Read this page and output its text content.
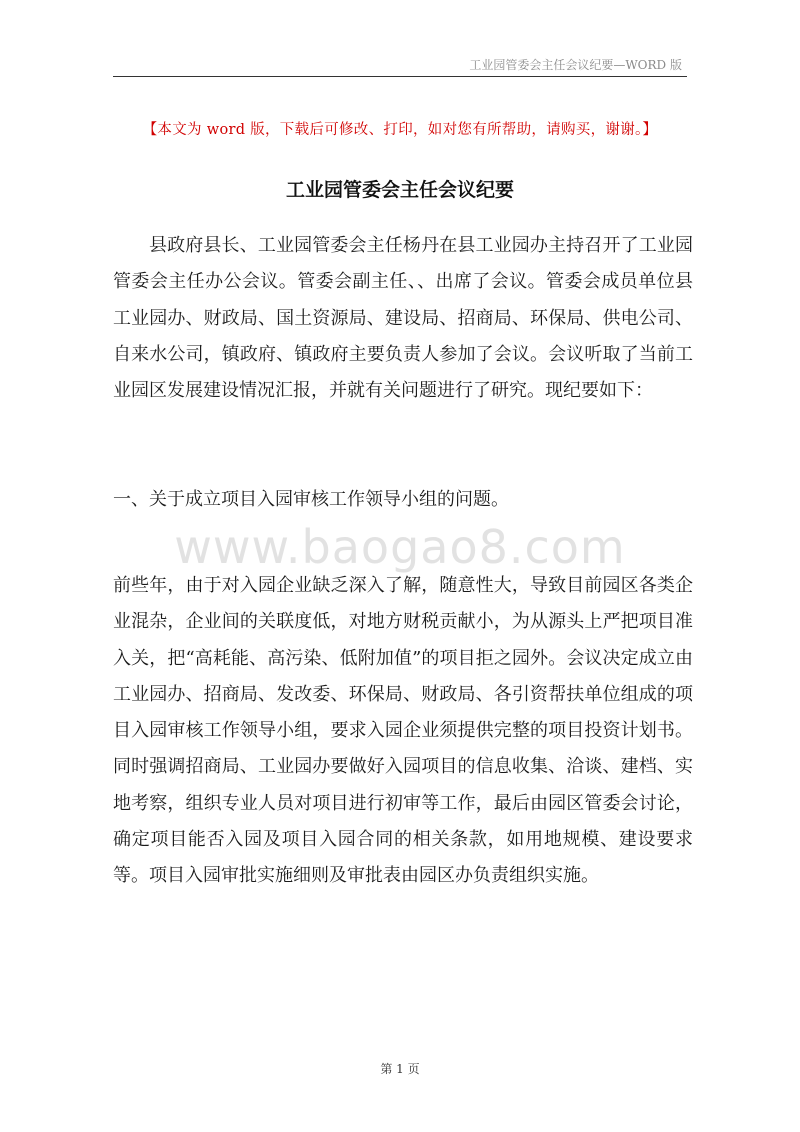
工业园管委会主任会议纪要—WORD 版
【本文为 word 版，下载后可修改、打印，如对您有所帮助，请购买，谢谢。】
工业园管委会主任会议纪要

县政府县长、工业园管委会主任杨丹在县工业园办主持召开了工业园管委会主任办公会议。管委会副主任、、出席了会议。管委会成员单位县工业园办、财政局、国土资源局、建设局、招商局、环保局、供电公司、自来水公司，镇政府、镇政府主要负责人参加了会议。会议听取了当前工业园区发展建设情况汇报，并就有关问题进行了研究。现纪要如下：

一、关于成立项目入园审核工作领导小组的问题。

www.baogao8.com

前些年，由于对入园企业缺乏深入了解，随意性大，导致目前园区各类企业混杂，企业间的关联度低，对地方财税贡献小，为从源头上严把项目准入关，把“高耗能、高污染、低附加值”的项目拒之园外。会议决定成立由工业园办、招商局、发改委、环保局、财政局、各引资帮扶单位组成的项目入园审核工作领导小组，要求入园企业须提供完整的项目投资计划书。同时强调招商局、工业园办要做好入园项目的信息收集、洽谈、建档、实地考察，组织专业人员对项目进行初审等工作，最后由园区管委会讨论，确定项目能否入园及项目入园合同的相关条款，如用地规模、建设要求等。项目入园审批实施细则及审批表由园区办负责组织实施。

第 1 页
